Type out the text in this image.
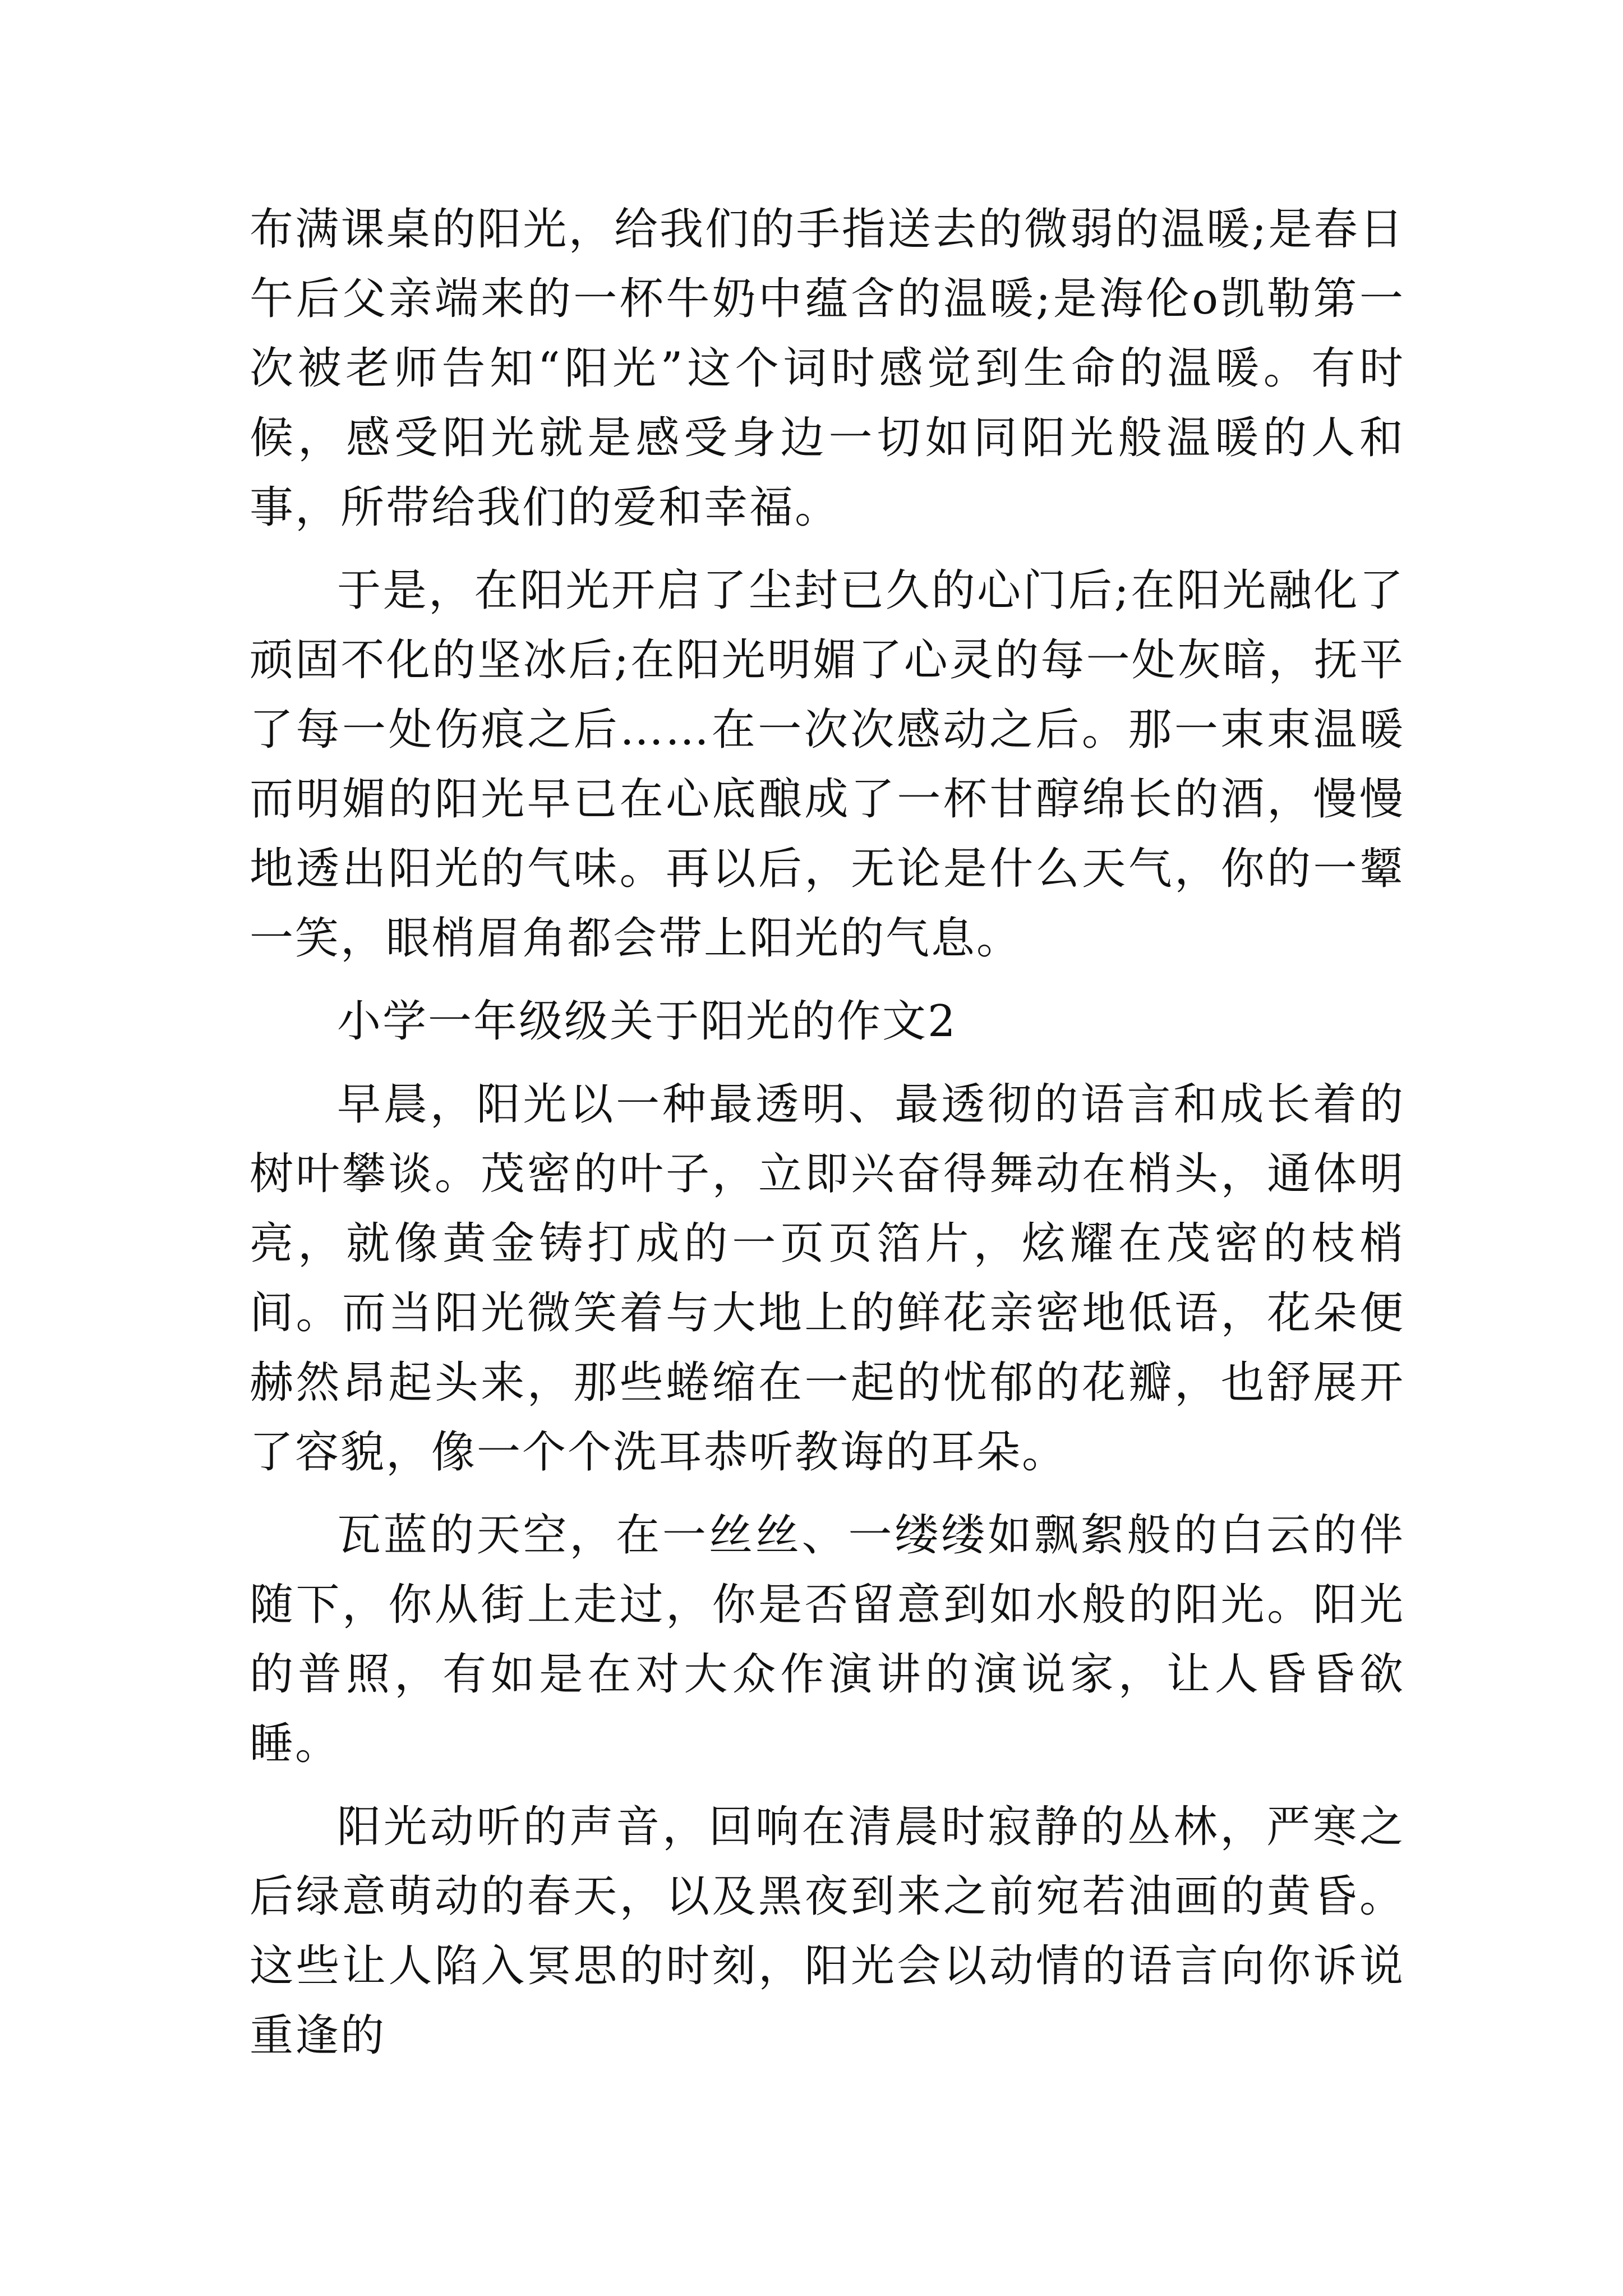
布满课桌的阳光，给我们的手指送去的微弱的温暖;是春日午后父亲端来的一杯牛奶中蕴含的温暖;是海伦o凯勒第一次被老师告知“阳光”这个词时感觉到生命的温暖。有时候，感受阳光就是感受身边一切如同阳光般温暖的人和事，所带给我们的爱和幸福。

于是，在阳光开启了尘封已久的心门后;在阳光融化了顽固不化的坚冰后;在阳光明媚了心灵的每一处灰暗，抚平了每一处伤痕之后……在一次次感动之后。那一束束温暖而明媚的阳光早已在心底酿成了一杯甘醇绵长的酒，慢慢地透出阳光的气味。再以后，无论是什么天气，你的一颦一笑，眼梢眉角都会带上阳光的气息。

小学一年级级关于阳光的作文2

早晨，阳光以一种最透明、最透彻的语言和成长着的树叶攀谈。茂密的叶子，立即兴奋得舞动在梢头，通体明亮，就像黄金铸打成的一页页箔片，炫耀在茂密的枝梢间。而当阳光微笑着与大地上的鲜花亲密地低语，花朵便赫然昂起头来，那些蜷缩在一起的忧郁的花瓣，也舒展开了容貌，像一个个洗耳恭听教诲的耳朵。

瓦蓝的天空，在一丝丝、一缕缕如飘絮般的白云的伴随下，你从街上走过，你是否留意到如水般的阳光。阳光的普照，有如是在对大众作演讲的演说家，让人昏昏欲睡。

阳光动听的声音，回响在清晨时寂静的丛林，严寒之后绿意萌动的春天，以及黑夜到来之前宛若油画的黄昏。这些让人陷入冥思的时刻，阳光会以动情的语言向你诉说重逢的
